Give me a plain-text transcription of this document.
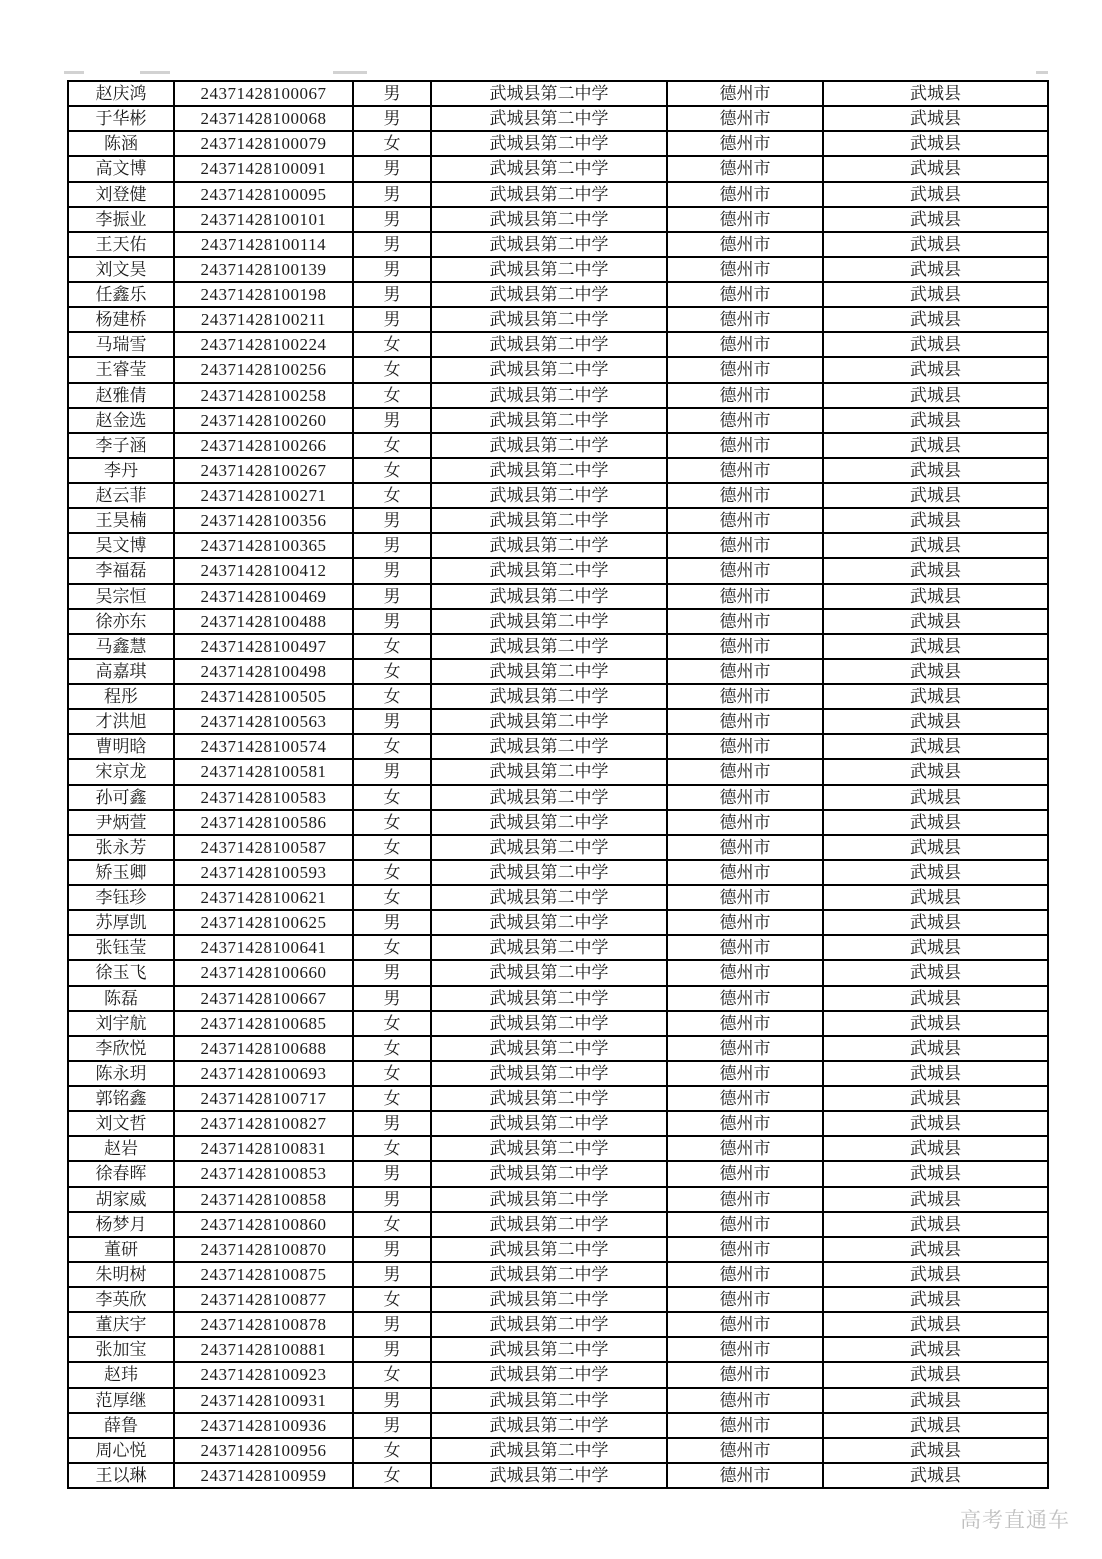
赵庆鸿	24371428100067	男	武城县第二中学	德州市	武城县
于华彬	24371428100068	男	武城县第二中学	德州市	武城县
陈涵	24371428100079	女	武城县第二中学	德州市	武城县
高文博	24371428100091	男	武城县第二中学	德州市	武城县
刘登健	24371428100095	男	武城县第二中学	德州市	武城县
李振业	24371428100101	男	武城县第二中学	德州市	武城县
王天佑	24371428100114	男	武城县第二中学	德州市	武城县
刘文昊	24371428100139	男	武城县第二中学	德州市	武城县
任鑫乐	24371428100198	男	武城县第二中学	德州市	武城县
杨建桥	24371428100211	男	武城县第二中学	德州市	武城县
马瑞雪	24371428100224	女	武城县第二中学	德州市	武城县
王睿莹	24371428100256	女	武城县第二中学	德州市	武城县
赵雅倩	24371428100258	女	武城县第二中学	德州市	武城县
赵金选	24371428100260	男	武城县第二中学	德州市	武城县
李子涵	24371428100266	女	武城县第二中学	德州市	武城县
李丹	24371428100267	女	武城县第二中学	德州市	武城县
赵云菲	24371428100271	女	武城县第二中学	德州市	武城县
王昊楠	24371428100356	男	武城县第二中学	德州市	武城县
吴文博	24371428100365	男	武城县第二中学	德州市	武城县
李福磊	24371428100412	男	武城县第二中学	德州市	武城县
吴宗恒	24371428100469	男	武城县第二中学	德州市	武城县
徐亦东	24371428100488	男	武城县第二中学	德州市	武城县
马鑫慧	24371428100497	女	武城县第二中学	德州市	武城县
高嘉琪	24371428100498	女	武城县第二中学	德州市	武城县
程彤	24371428100505	女	武城县第二中学	德州市	武城县
才洪旭	24371428100563	男	武城县第二中学	德州市	武城县
曹明晗	24371428100574	女	武城县第二中学	德州市	武城县
宋京龙	24371428100581	男	武城县第二中学	德州市	武城县
孙可鑫	24371428100583	女	武城县第二中学	德州市	武城县
尹炳萱	24371428100586	女	武城县第二中学	德州市	武城县
张永芳	24371428100587	女	武城县第二中学	德州市	武城县
矫玉卿	24371428100593	女	武城县第二中学	德州市	武城县
李钰珍	24371428100621	女	武城县第二中学	德州市	武城县
苏厚凯	24371428100625	男	武城县第二中学	德州市	武城县
张钰莹	24371428100641	女	武城县第二中学	德州市	武城县
徐玉飞	24371428100660	男	武城县第二中学	德州市	武城县
陈磊	24371428100667	男	武城县第二中学	德州市	武城县
刘宇航	24371428100685	女	武城县第二中学	德州市	武城县
李欣悦	24371428100688	女	武城县第二中学	德州市	武城县
陈永玥	24371428100693	女	武城县第二中学	德州市	武城县
郭铭鑫	24371428100717	女	武城县第二中学	德州市	武城县
刘文哲	24371428100827	男	武城县第二中学	德州市	武城县
赵岩	24371428100831	女	武城县第二中学	德州市	武城县
徐春晖	24371428100853	男	武城县第二中学	德州市	武城县
胡家威	24371428100858	男	武城县第二中学	德州市	武城县
杨梦月	24371428100860	女	武城县第二中学	德州市	武城县
董研	24371428100870	男	武城县第二中学	德州市	武城县
朱明树	24371428100875	男	武城县第二中学	德州市	武城县
李英欣	24371428100877	女	武城县第二中学	德州市	武城县
董庆宇	24371428100878	男	武城县第二中学	德州市	武城县
张加宝	24371428100881	男	武城县第二中学	德州市	武城县
赵玮	24371428100923	女	武城县第二中学	德州市	武城县
范厚继	24371428100931	男	武城县第二中学	德州市	武城县
薛鲁	24371428100936	男	武城县第二中学	德州市	武城县
周心悦	24371428100956	女	武城县第二中学	德州市	武城县
王以琳	24371428100959	女	武城县第二中学	德州市	武城县
高考直通车
